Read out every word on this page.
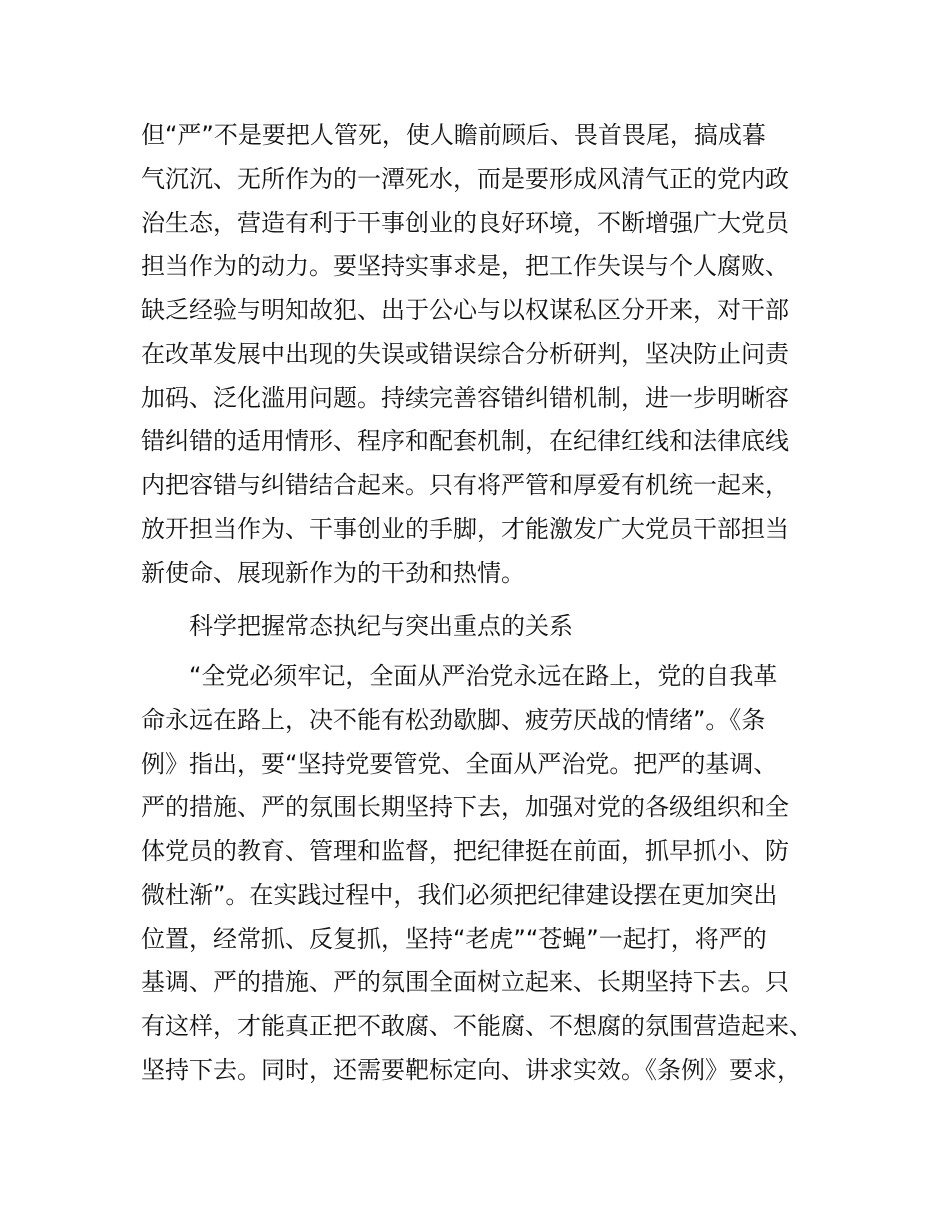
但“严”不是要把人管死，使人瞻前顾后、畏首畏尾，搞成暮
气沉沉、无所作为的一潭死水，而是要形成风清气正的党内政
治生态，营造有利于干事创业的良好环境，不断增强广大党员
担当作为的动力。要坚持实事求是，把工作失误与个人腐败、
缺乏经验与明知故犯、出于公心与以权谋私区分开来，对干部
在改革发展中出现的失误或错误综合分析研判，坚决防止问责
加码、泛化滥用问题。持续完善容错纠错机制，进一步明晰容
错纠错的适用情形、程序和配套机制，在纪律红线和法律底线
内把容错与纠错结合起来。只有将严管和厚爱有机统一起来，
放开担当作为、干事创业的手脚，才能激发广大党员干部担当
新使命、展现新作为的干劲和热情。
科学把握常态执纪与突出重点的关系
“全党必须牢记，全面从严治党永远在路上，党的自我革
命永远在路上，决不能有松劲歇脚、疲劳厌战的情绪”。《条
例》指出，要“坚持党要管党、全面从严治党。把严的基调、
严的措施、严的氛围长期坚持下去，加强对党的各级组织和全
体党员的教育、管理和监督，把纪律挺在前面，抓早抓小、防
微杜渐”。在实践过程中，我们必须把纪律建设摆在更加突出
位置，经常抓、反复抓，坚持“老虎”“苍蝇”一起打，将严的
基调、严的措施、严的氛围全面树立起来、长期坚持下去。只
有这样，才能真正把不敢腐、不能腐、不想腐的氛围营造起来、
坚持下去。同时，还需要靶标定向、讲求实效。《条例》要求，
